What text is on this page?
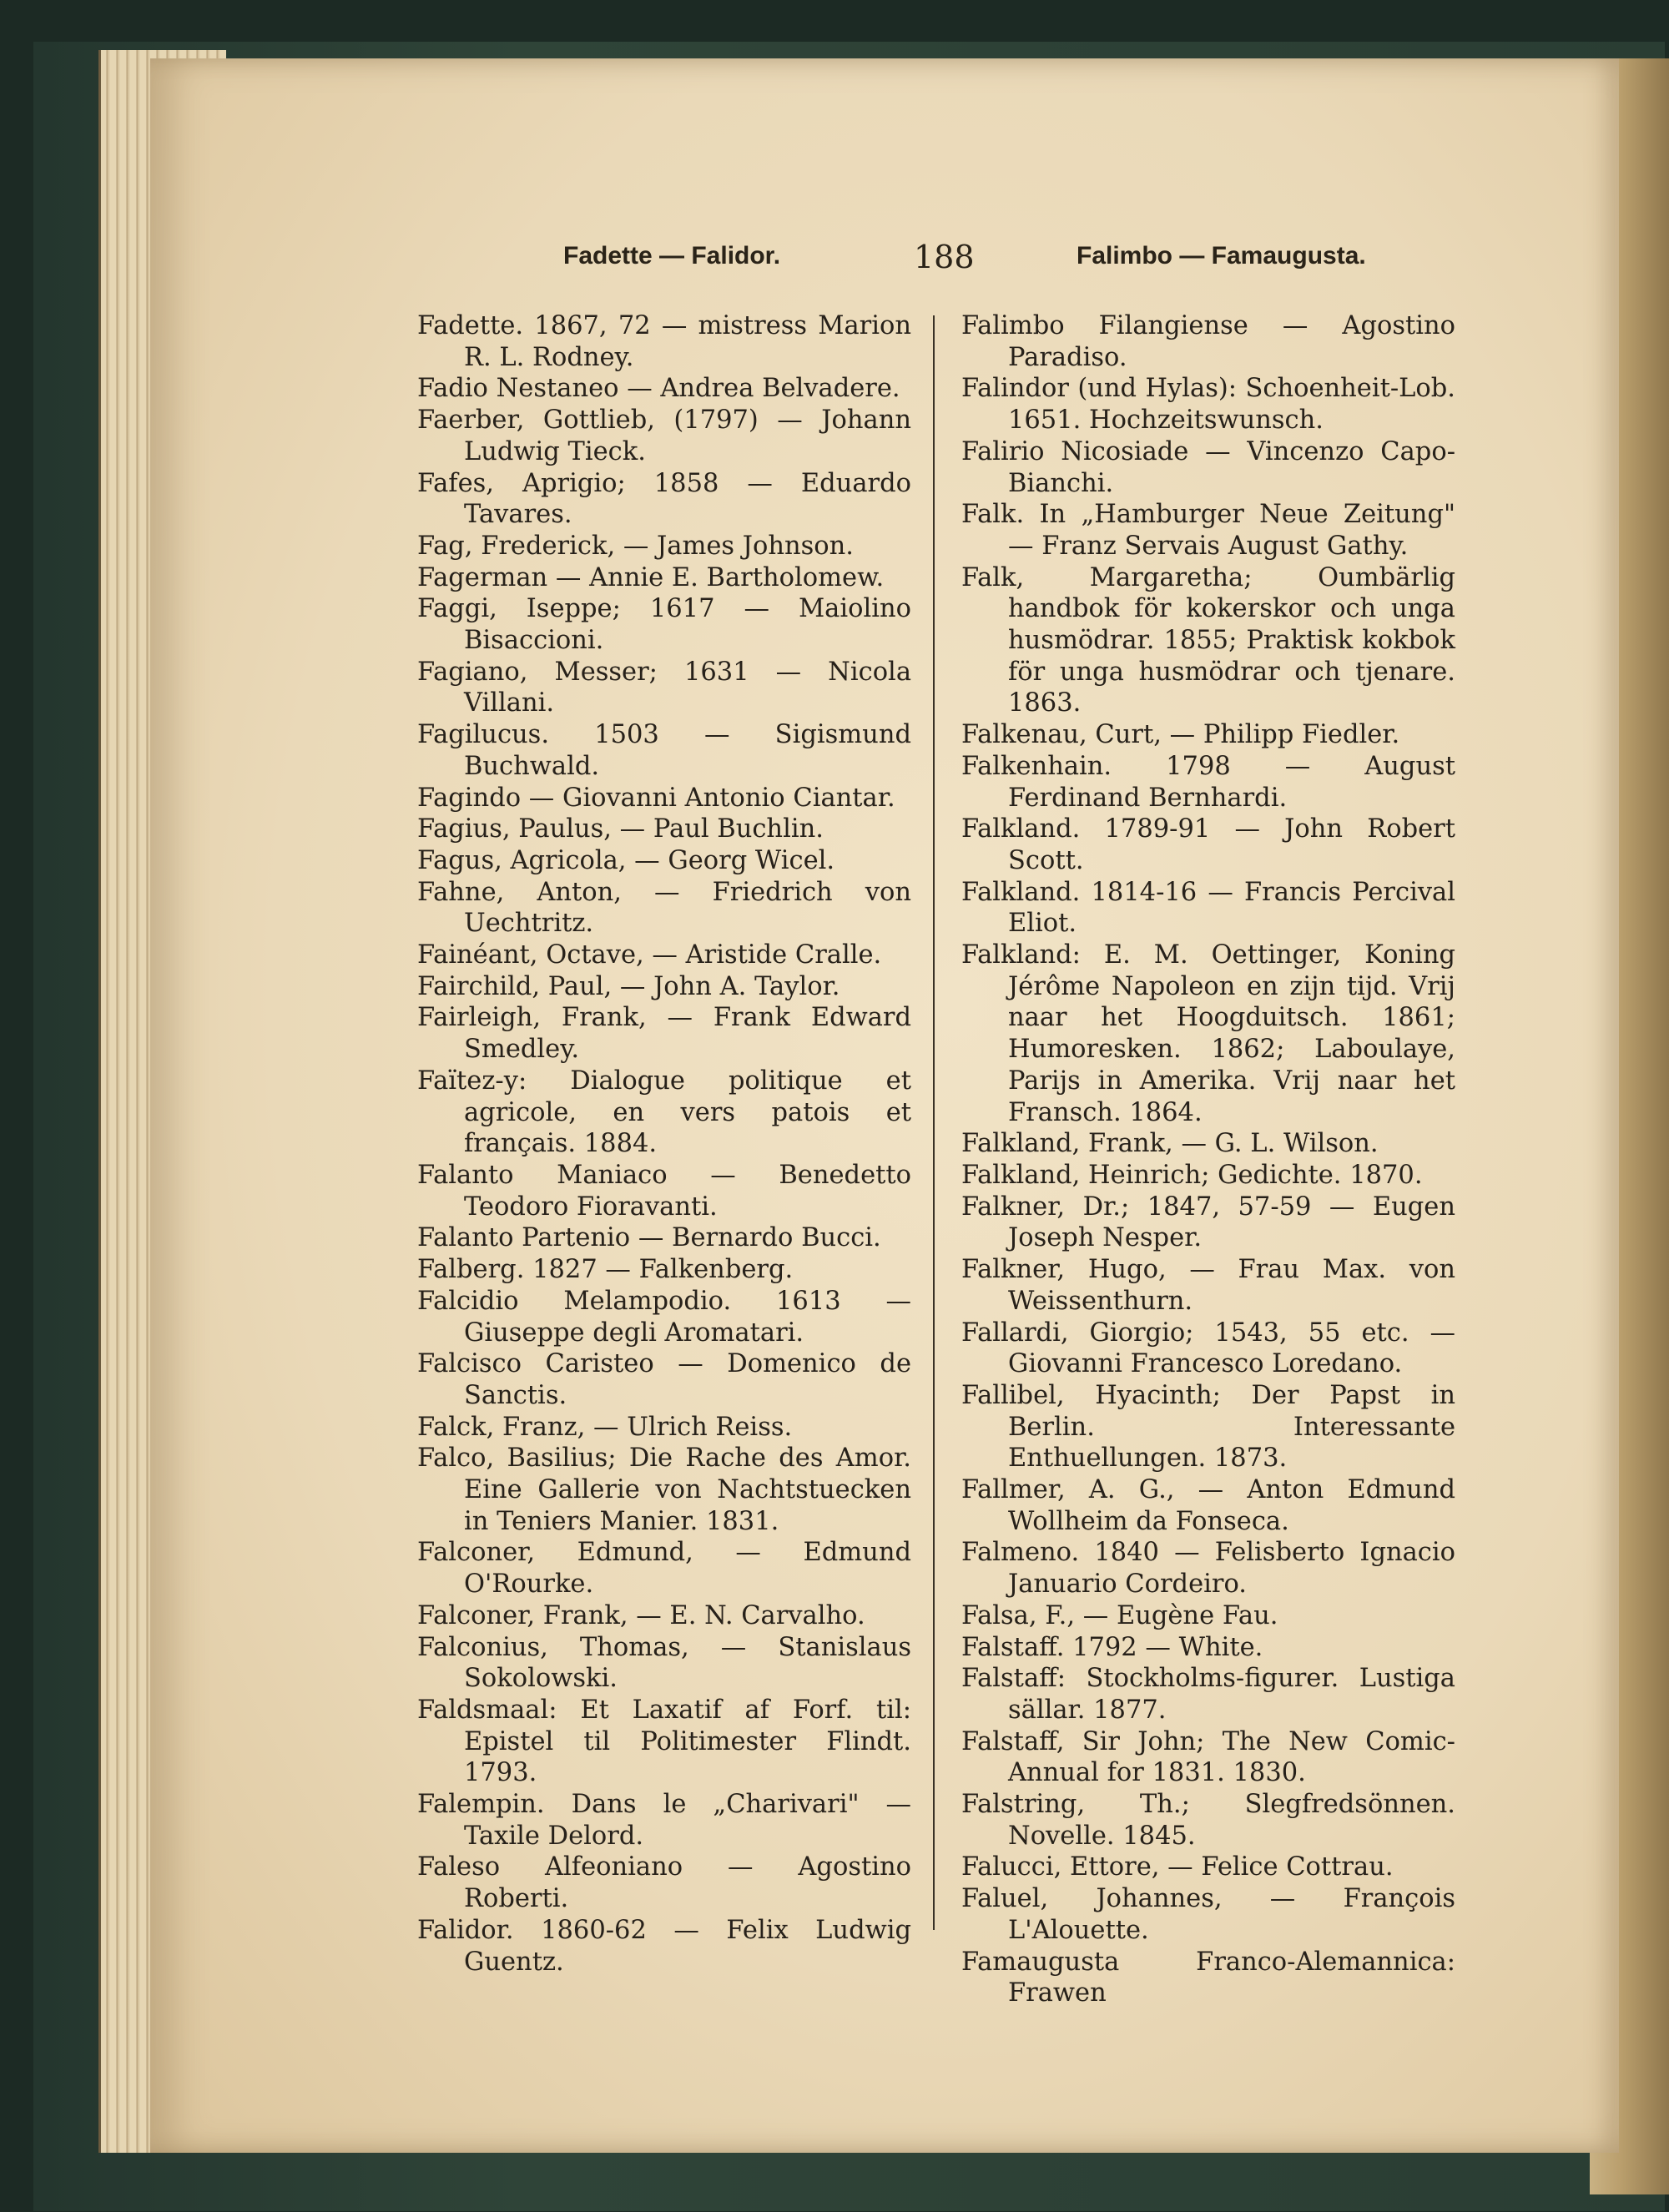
Fadette — Falidor.	188	Falimbo — Famaugusta.

Fadette. 1867, 72 — mistress Marion R. L. Rodney.

Fadio Nestaneo — Andrea Belvadere.

Faerber, Gottlieb, (1797) — Johann Ludwig Tieck.

Fafes, Aprigio; 1858 — Eduardo Tavares.

Fag, Frederick, — James Johnson.

Fagerman — Annie E. Bartholomew.

Faggi, Iseppe; 1617 — Maiolino Bisaccioni.

Fagiano, Messer; 1631 — Nicola Villani.

Fagilucus. 1503 — Sigismund Buchwald.

Fagindo — Giovanni Antonio Ciantar.

Fagius, Paulus, — Paul Buchlin.

Fagus, Agricola, — Georg Wicel.

Fahne, Anton, — Friedrich von Uechtritz.

Fainéant, Octave, — Aristide Cralle.

Fairchild, Paul, — John A. Taylor.

Fairleigh, Frank, — Frank Edward Smedley.

Faïtez-y: Dialogue politique et agricole, en vers patois et français. 1884.

Falanto Maniaco — Benedetto Teodoro Fioravanti.

Falanto Partenio — Bernardo Bucci.

Falberg. 1827 — Falkenberg.

Falcidio Melampodio. 1613 — Giuseppe degli Aromatari.

Falcisco Caristeo — Domenico de Sanctis.

Falck, Franz, — Ulrich Reiss.

Falco, Basilius; Die Rache des Amor. Eine Gallerie von Nachtstuecken in Teniers Manier. 1831.

Falconer, Edmund, — Edmund O'Rourke.

Falconer, Frank, — E. N. Carvalho.

Falconius, Thomas, — Stanislaus Sokolowski.

Faldsmaal: Et Laxatif af Forf. til: Epistel til Politimester Flindt. 1793.

Falempin. Dans le „Charivari" — Taxile Delord.

Faleso Alfeoniano — Agostino Roberti.

Falidor. 1860-62 — Felix Ludwig Guentz.

Falimbo Filangiense — Agostino Paradiso.

Falindor (und Hylas): Schoenheit-Lob. 1651. Hochzeitswunsch.

Falirio Nicosiade — Vincenzo Capo-Bianchi.

Falk. In „Hamburger Neue Zeitung" — Franz Servais August Gathy.

Falk, Margaretha; Oumbärlig handbok för kokerskor och unga husmödrar. 1855; Praktisk kokbok för unga husmödrar och tjenare. 1863.

Falkenau, Curt, — Philipp Fiedler.

Falkenhain. 1798 — August Ferdinand Bernhardi.

Falkland. 1789-91 — John Robert Scott.

Falkland. 1814-16 — Francis Percival Eliot.

Falkland: E. M. Oettinger, Koning Jérôme Napoleon en zijn tijd. Vrij naar het Hoogduitsch. 1861; Humoresken. 1862; Laboulaye, Parijs in Amerika. Vrij naar het Fransch. 1864.

Falkland, Frank, — G. L. Wilson.

Falkland, Heinrich; Gedichte. 1870.

Falkner, Dr.; 1847, 57-59 — Eugen Joseph Nesper.

Falkner, Hugo, — Frau Max. von Weissenthurn.

Fallardi, Giorgio; 1543, 55 etc. — Giovanni Francesco Loredano.

Fallibel, Hyacinth; Der Papst in Berlin. Interessante Enthuellungen. 1873.

Fallmer, A. G., — Anton Edmund Wollheim da Fonseca.

Falmeno. 1840 — Felisberto Ignacio Januario Cordeiro.

Falsa, F., — Eugène Fau.

Falstaff. 1792 — White.

Falstaff: Stockholms-figurer. Lustiga sällar. 1877.

Falstaff, Sir John; The New Comic-Annual for 1831. 1830.

Falstring, Th.; Slegfredsönnen. Novelle. 1845.

Falucci, Ettore, — Felice Cottrau.

Faluel, Johannes, — François L'Alouette.

Famaugusta Franco-Alemannica: Frawen
